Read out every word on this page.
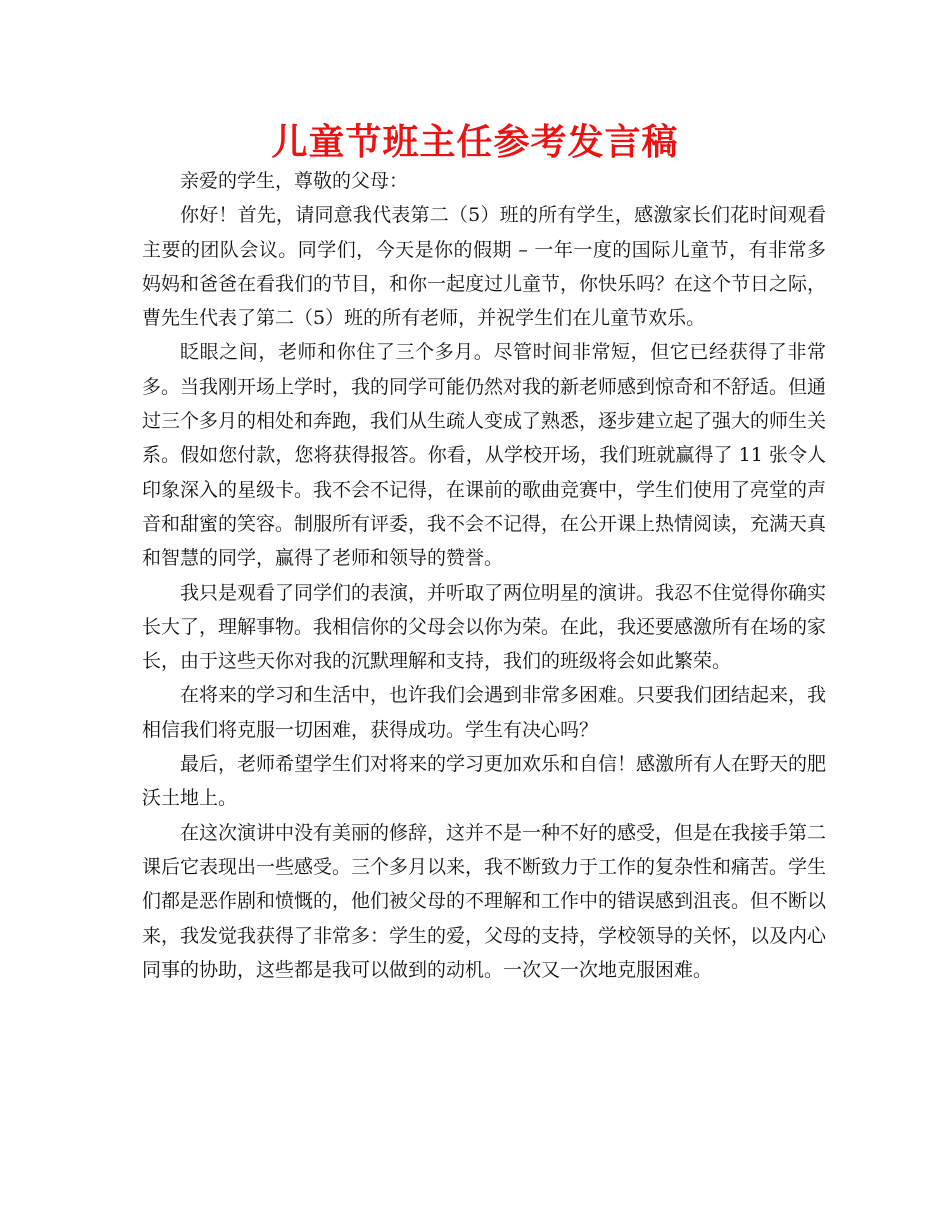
儿童节班主任参考发言稿

亲爱的学生，尊敬的父母：

你好！首先，请同意我代表第二（5）班的所有学生，感激家长们花时间观看主要的团队会议。同学们，今天是你的假期 – 一年一度的国际儿童节，有非常多妈妈和爸爸在看我们的节目，和你一起度过儿童节，你快乐吗？在这个节日之际，曹先生代表了第二（5）班的所有老师，并祝学生们在儿童节欢乐。

眨眼之间，老师和你住了三个多月。尽管时间非常短，但它已经获得了非常多。当我刚开场上学时，我的同学可能仍然对我的新老师感到惊奇和不舒适。但通过三个多月的相处和奔跑，我们从生疏人变成了熟悉，逐步建立起了强大的师生关系。假如您付款，您将获得报答。你看，从学校开场，我们班就赢得了 11 张令人印象深入的星级卡。我不会不记得，在课前的歌曲竞赛中，学生们使用了亮堂的声音和甜蜜的笑容。制服所有评委，我不会不记得，在公开课上热情阅读，充满天真和智慧的同学，赢得了老师和领导的赞誉。

我只是观看了同学们的表演，并听取了两位明星的演讲。我忍不住觉得你确实长大了，理解事物。我相信你的父母会以你为荣。在此，我还要感激所有在场的家长，由于这些天你对我的沉默理解和支持，我们的班级将会如此繁荣。

在将来的学习和生活中，也许我们会遇到非常多困难。只要我们团结起来，我相信我们将克服一切困难，获得成功。学生有决心吗？

最后，老师希望学生们对将来的学习更加欢乐和自信！感激所有人在野天的肥沃土地上。

在这次演讲中没有美丽的修辞，这并不是一种不好的感受，但是在我接手第二课后它表现出一些感受。三个多月以来，我不断致力于工作的复杂性和痛苦。学生们都是恶作剧和愤慨的，他们被父母的不理解和工作中的错误感到沮丧。但不断以来，我发觉我获得了非常多：学生的爱，父母的支持，学校领导的关怀，以及内心同事的协助，这些都是我可以做到的动机。一次又一次地克服困难。
